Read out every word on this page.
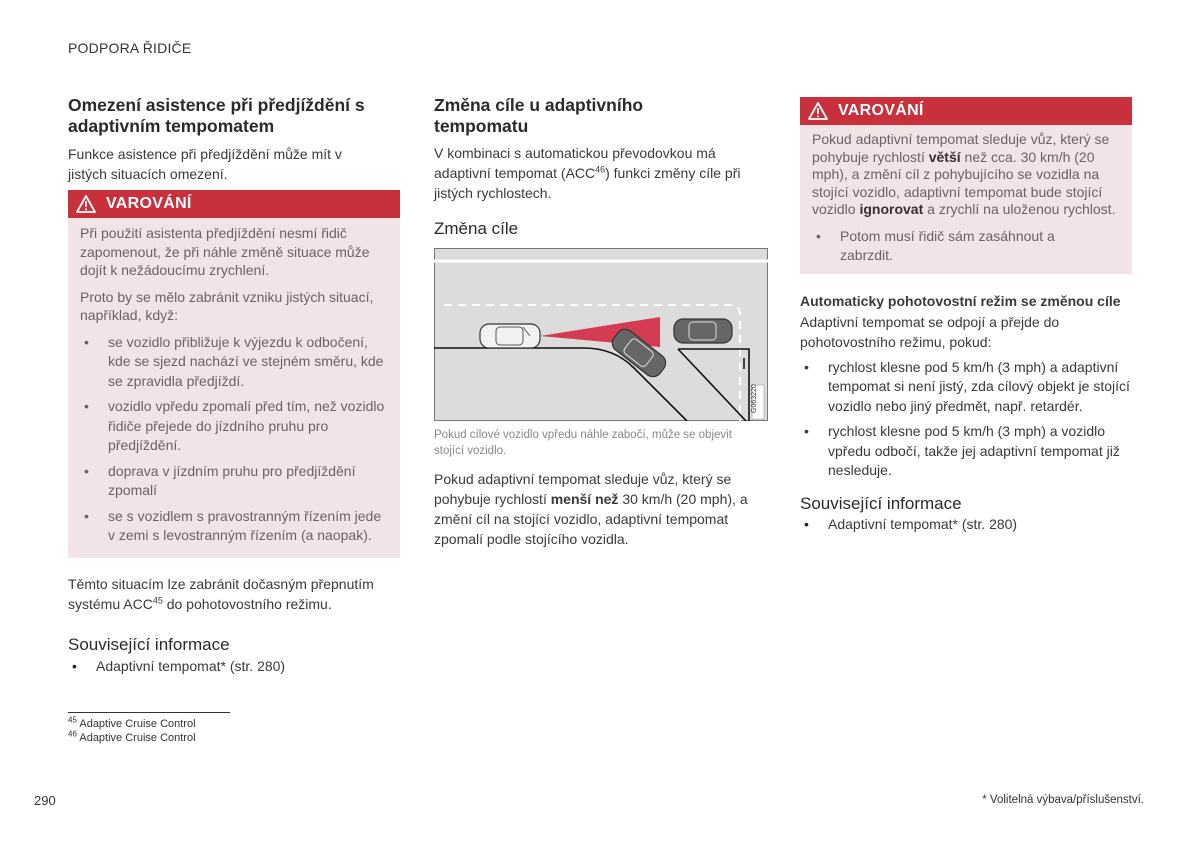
PODPORA ŘIDIČE
Omezení asistence při předjíždění s adaptivním tempomatem

Funkce asistence při předjíždění může mít v jistých situacích omezení.

VAROVÁNÍ

Při použití asistenta předjíždění nesmí řidič zapomenout, že při náhle změně situace může dojít k nežádoucímu zrychlení.

Proto by se mělo zabránit vzniku jistých situací, například, když:

• se vozidlo přibližuje k výjezdu k odbočení, kde se sjezd nachází ve stejném směru, kde se zpravidla předjíždí.
• vozidlo vpředu zpomalí před tím, než vozidlo řidiče přejede do jízdního pruhu pro předjíždění.
• doprava v jízdním pruhu pro předjíždění zpomalí
• se s vozidlem s pravostranným řízením jede v zemi s levostranným řízením (a naopak).

Těmto situacím lze zabránit dočasným přepnutím systému ACC$^{45}$ do pohotovostního režimu.

Související informace
• Adaptivní tempomat* (str. 280)
Změna cíle u adaptivního tempomatu

V kombinaci s automatickou převodovkou má adaptivní tempomat (ACC$^{46}$) funkci změny cíle při jistých rychlostech.

Změna cíle
G063220

Pokud cílové vozidlo vpředu náhle zabočí, může se objevit stojící vozidlo.

Pokud adaptivní tempomat sleduje vůz, který se pohybuje rychlostí menší než 30 km/h (20 mph), a změní cíl na stojící vozidlo, adaptivní tempomat zpomalí podle stojícího vozidla.

VAROVÁNÍ

Pokud adaptivní tempomat sleduje vůz, který se pohybuje rychlostí větší než cca. 30 km/h (20 mph), a změní cíl z pohybujícího se vozidla na stojící vozidlo, adaptivní tempomat bude stojící vozidlo ignorovat a zrychlí na uloženou rychlost.

• Potom musí řidič sám zasáhnout a zabrzdit.
Automaticky pohotovostní režim se změnou cíle

Adaptivní tempomat se odpojí a přejde do pohotovostního režimu, pokud:

• rychlost klesne pod 5 km/h (3 mph) a adaptivní tempomat si není jistý, zda cílový objekt je stojící vozidlo nebo jiný předmět, např. retardér.
• rychlost klesne pod 5 km/h (3 mph) a vozidlo vpředu odbočí, takže jej adaptivní tempomat již nesleduje.
Související informace
• Adaptivní tempomat* (str. 280)
$^{45}$ Adaptive Cruise Control
$^{46}$ Adaptive Cruise Control
290	* Volitelná výbava/příslušenství.
